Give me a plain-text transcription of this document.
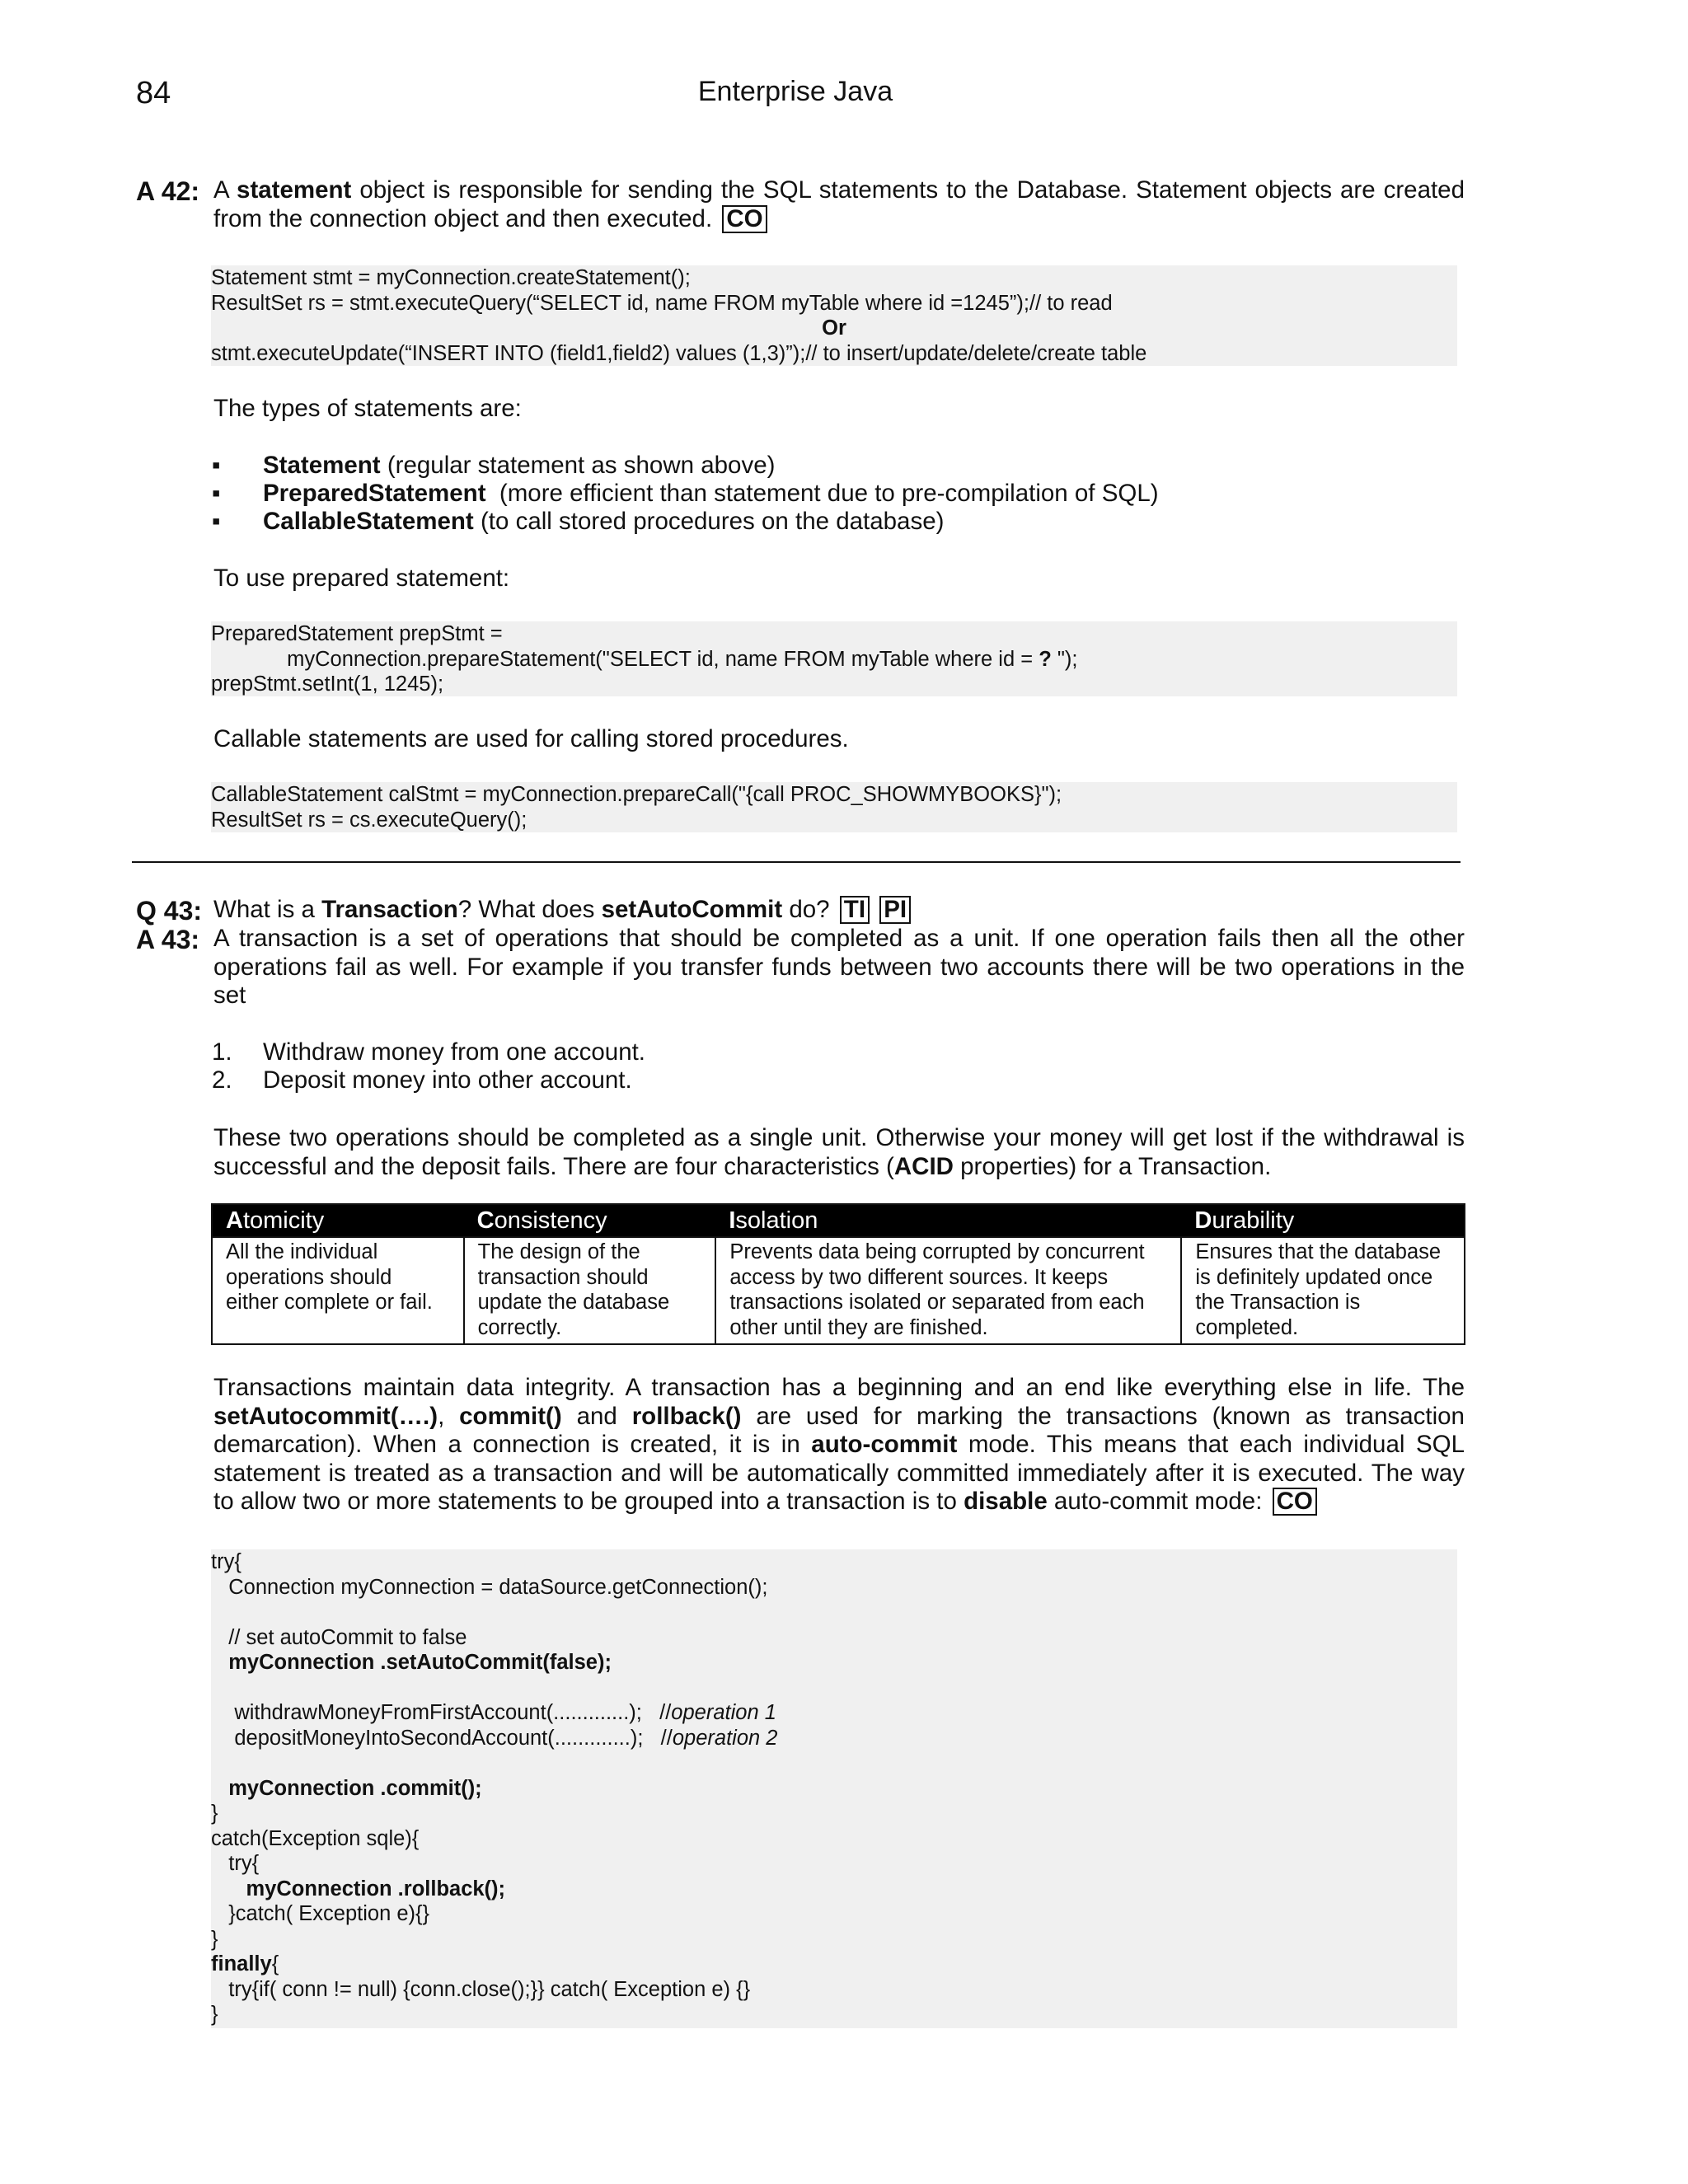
84	Enterprise Java
A 42: A statement object is responsible for sending the SQL statements to the Database. Statement objects are created from the connection object and then executed. CO
Statement stmt = myConnection.createStatement();
ResultSet rs = stmt.executeQuery(“SELECT id, name FROM myTable where id =1245”);// to read
Or
stmt.executeUpdate(“INSERT INTO (field1,field2) values (1,3)”);// to insert/update/delete/create table
The types of statements are:
▪ Statement (regular statement as shown above)
▪ PreparedStatement  (more efficient than statement due to pre-compilation of SQL)
▪ CallableStatement (to call stored procedures on the database)
To use prepared statement:
PreparedStatement prepStmt =
myConnection.prepareStatement("SELECT id, name FROM myTable where id = ? ");
prepStmt.setInt(1, 1245);
Callable statements are used for calling stored procedures.
CallableStatement calStmt = myConnection.prepareCall("{call PROC_SHOWMYBOOKS}");
ResultSet rs = cs.executeQuery();
Q 43: What is a Transaction? What does setAutoCommit do? TI PI
A 43: A transaction is a set of operations that should be completed as a unit. If one operation fails then all the other operations fail as well. For example if you transfer funds between two accounts there will be two operations in the set
1. Withdraw money from one account.
2. Deposit money into other account.
These two operations should be completed as a single unit. Otherwise your money will get lost if the withdrawal is successful and the deposit fails. There are four characteristics (ACID properties) for a Transaction.
Atomicity	Consistency	Isolation	Durability
All the individual operations should either complete or fail.	The design of the transaction should update the database correctly.	Prevents data being corrupted by concurrent access by two different sources. It keeps transactions isolated or separated from each other until they are finished.	Ensures that the database is definitely updated once the Transaction is completed.
Transactions maintain data integrity. A transaction has a beginning and an end like everything else in life. The setAutocommit(….), commit() and rollback() are used for marking the transactions (known as transaction demarcation). When a connection is created, it is in auto-commit mode. This means that each individual SQL statement is treated as a transaction and will be automatically committed immediately after it is executed. The way to allow two or more statements to be grouped into a transaction is to disable auto-commit mode: CO
try{
Connection myConnection = dataSource.getConnection();
// set autoCommit to false
myConnection .setAutoCommit(false);
withdrawMoneyFromFirstAccount(.............);   //operation 1
depositMoneyIntoSecondAccount(.............);   //operation 2
myConnection .commit();
}
catch(Exception sqle){
try{
myConnection .rollback();
}catch( Exception e){}
}
finally{
try{if( conn != null) {conn.close();}} catch( Exception e) {}
}
